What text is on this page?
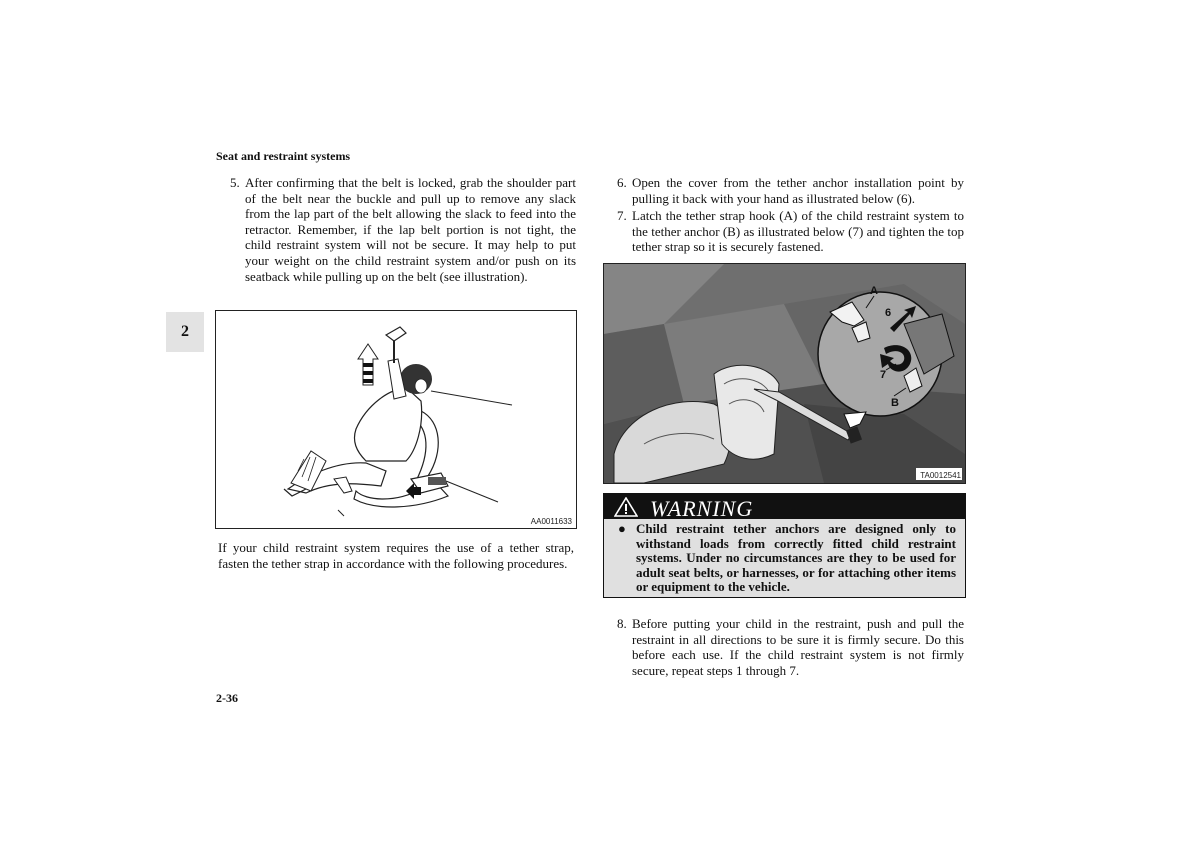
Seat and restraint systems
2
5. After confirming that the belt is locked, grab the shoulder part of the belt near the buckle and pull up to remove any slack from the lap part of the belt allowing the slack to feed into the retractor. Remember, if the lap belt portion is not tight, the child restraint system will not be secure. It may help to put your weight on the child restraint system and/or push on its seatback while pulling up on the belt (see illustration).
AA0011633
If your child restraint system requires the use of a tether strap, fasten the tether strap in accordance with the following procedures.
6. Open the cover from the tether anchor installation point by pulling it back with your hand as illustrated below (6).
7. Latch the tether strap hook (A) of the child restraint system to the tether anchor (B) as illustrated below (7) and tighten the top tether strap so it is securely fastened.
A
6
7
B
TA0012541
WARNING
● Child restraint tether anchors are designed only to withstand loads from correctly fitted child restraint systems. Under no circumstances are they to be used for adult seat belts, or harnesses, or for attaching other items or equipment to the vehicle.
8. Before putting your child in the restraint, push and pull the restraint in all directions to be sure it is firmly secure. Do this before each use. If the child restraint system is not firmly secure, repeat steps 1 through 7.
2-36
